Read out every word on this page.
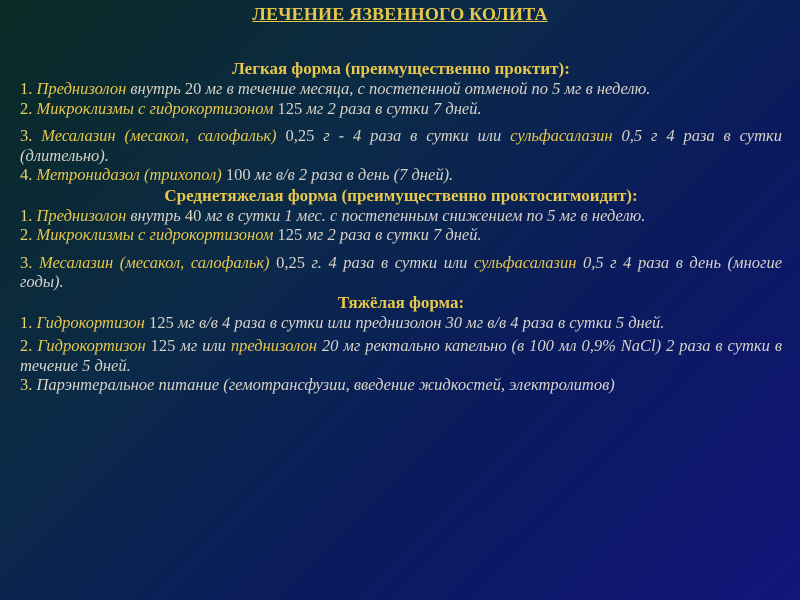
ЛЕЧЕНИЕ ЯЗВЕННОГО КОЛИТА
Легкая форма (преимущественно проктит):
1. Преднизолон внутрь 20 мг в течение месяца, с постепенной отменой по 5 мг в неделю.
2. Микроклизмы с гидрокортизоном 125 мг 2 раза в сутки 7 дней.
3. Месалазин (месакол, салофальк) 0,25 г - 4 раза в сутки или сульфасалазин 0,5 г 4 раза в сутки (длительно).
4. Метронидазол (трихопол) 100 мг в/в 2 раза в день (7 дней).
Среднетяжелая форма (преимущественно проктосигмоидит):
1. Преднизолон внутрь 40 мг в сутки 1 мес. с постепенным снижением по 5 мг в неделю.
2. Микроклизмы с гидрокортизоном 125 мг 2 раза в сутки 7 дней.
3. Месалазин (месакол, салофальк) 0,25 г. 4 раза в сутки или сульфасалазин 0,5 г 4 раза в день (многие годы).
Тяжёлая форма:
1. Гидрокортизон 125 мг в/в 4 раза в сутки или преднизолон 30 мг в/в 4 раза в сутки 5 дней.
2. Гидрокортизон 125 мг или преднизолон 20 мг ректально капельно (в 100 мл 0,9% NaCl) 2 раза в сутки в течение 5 дней.
3. Парэнтеральное питание (гемотрансфузии, введение жидкостей, электролитов)
